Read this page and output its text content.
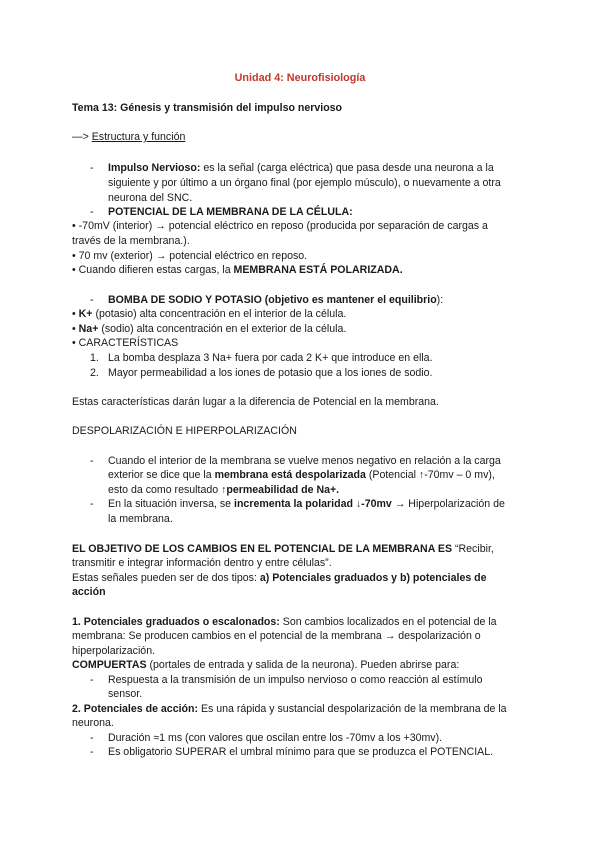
Unidad 4: Neurofisiología
Tema 13: Génesis y transmisión del impulso nervioso
—> Estructura y función
- Impulso Nervioso: es la señal (carga eléctrica) que pasa desde una neurona a la
siguiente y por último a un órgano final (por ejemplo músculo), o nuevamente a otra
neurona del SNC.
- POTENCIAL DE LA MEMBRANA DE LA CÉLULA:
• -70mV (interior) → potencial eléctrico en reposo (producida por separación de cargas a
través de la membrana.).
• 70 mv (exterior) → potencial eléctrico en reposo.
• Cuando difieren estas cargas, la MEMBRANA ESTÁ POLARIZADA.
- BOMBA DE SODIO Y POTASIO (objetivo es mantener el equilibrio):
• K+ (potasio) alta concentración en el interior de la célula.
• Na+ (sodio) alta concentración en el exterior de la célula.
• CARACTERÍSTICAS
1. La bomba desplaza 3 Na+ fuera por cada 2 K+ que introduce en ella.
2. Mayor permeabilidad a los iones de potasio que a los iones de sodio.
Estas características darán lugar a la diferencia de Potencial en la membrana.
DESPOLARIZACIÓN E HIPERPOLARIZACIÓN
- Cuando el interior de la membrana se vuelve menos negativo en relación a la carga
exterior se dice que la membrana está despolarizada (Potencial ↑-70mv – 0 mv),
esto da como resultado ↑permeabilidad de Na+.
- En la situación inversa, se incrementa la polaridad ↓-70mv → Hiperpolarización de
la membrana.
EL OBJETIVO DE LOS CAMBIOS EN EL POTENCIAL DE LA MEMBRANA ES “Recibir,
transmitir e integrar información dentro y entre células”.
Estas señales pueden ser de dos tipos: a) Potenciales graduados y b) potenciales de
acción
1. Potenciales graduados o escalonados: Son cambios localizados en el potencial de la
membrana: Se producen cambios en el potencial de la membrana → despolarización o
hiperpolarización.
COMPUERTAS (portales de entrada y salida de la neurona). Pueden abrirse para:
- Respuesta a la transmisión de un impulso nervioso o como reacción al estímulo
sensor.
2. Potenciales de acción: Es una rápida y sustancial despolarización de la membrana de la
neurona.
- Duración ≈1 ms (con valores que oscilan entre los -70mv a los +30mv).
- Es obligatorio SUPERAR el umbral mínimo para que se produzca el POTENCIAL.
